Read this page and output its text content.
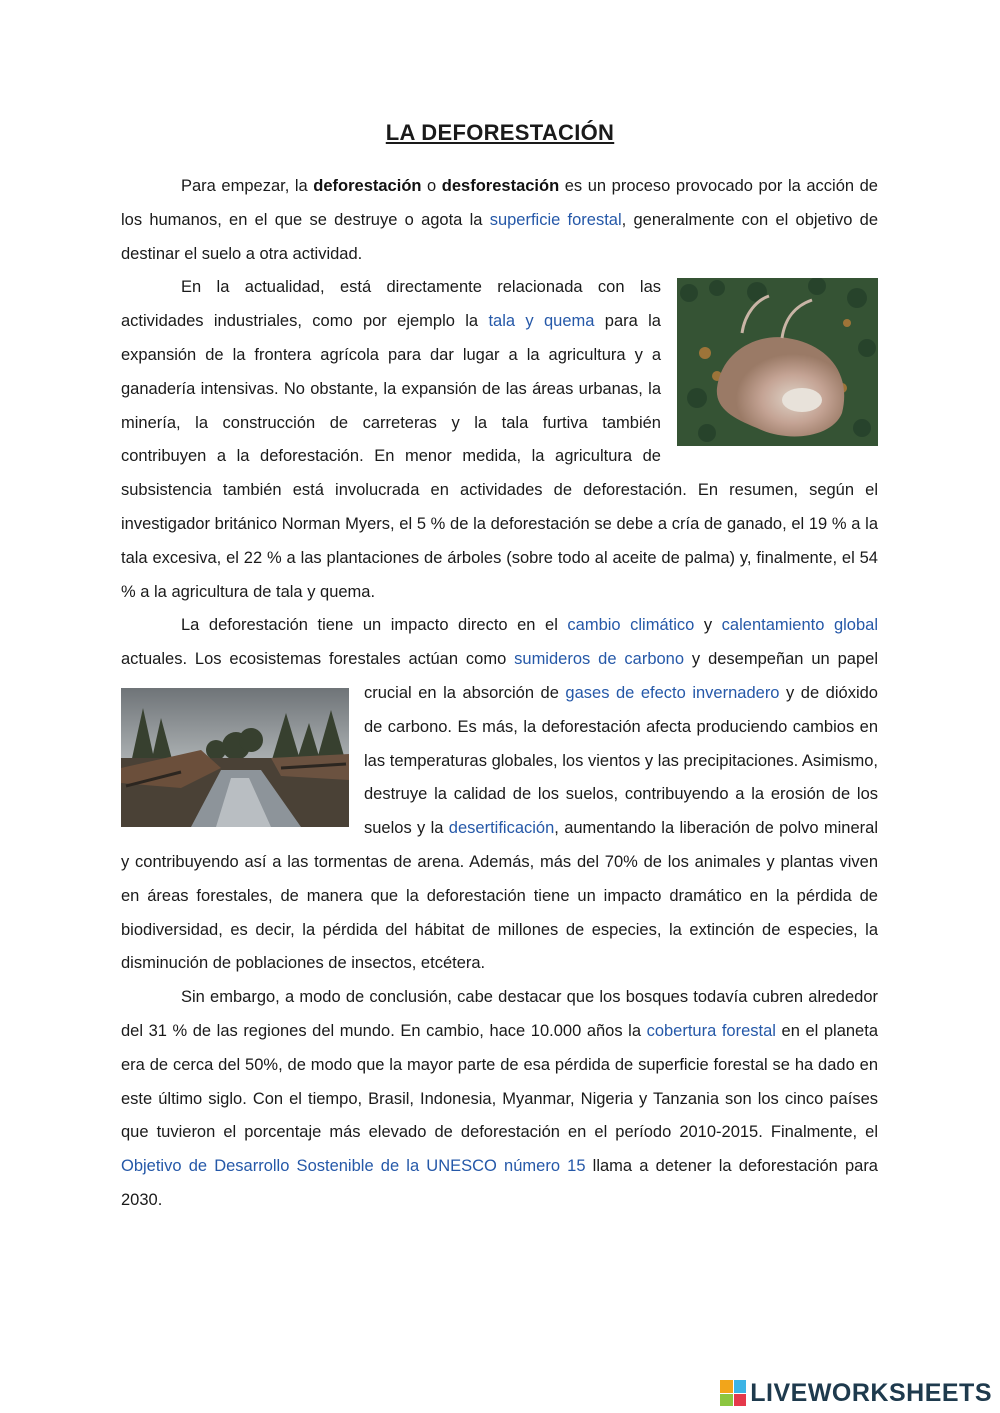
LA DEFORESTACIÓN

Para empezar, la deforestación o desforestación es un proceso provocado por la acción de los humanos, en el que se destruye o agota la superficie forestal, generalmente con el objetivo de destinar el suelo a otra actividad.

En la actualidad, está directamente relacionada con las actividades industriales, como por ejemplo la tala y quema para la expansión de la frontera agrícola para dar lugar a la agricultura y a ganadería intensivas. No obstante, la expansión de las áreas urbanas, la minería, la construcción de carreteras y la tala furtiva también contribuyen a la deforestación. En menor medida, la agricultura de subsistencia también está involucrada en actividades de deforestación. En resumen, según el investigador británico Norman Myers, el 5 % de la deforestación se debe a cría de ganado, el 19 % a la tala excesiva, el 22 % a las plantaciones de árboles (sobre todo al aceite de palma) y, finalmente, el 54 % a la agricultura de tala y quema.

La deforestación tiene un impacto directo en el cambio climático y calentamiento global actuales. Los ecosistemas forestales actúan como sumideros de carbono y desempeñan un papel crucial en la absorción de
gases de efecto invernadero y de dióxido de carbono. Es más, la deforestación afecta produciendo cambios en las temperaturas globales, los vientos y las precipitaciones. Asimismo, destruye la calidad de los suelos, contribuyendo a la erosión de los suelos y la desertificación, aumentando la liberación de polvo mineral y contribuyendo así a las tormentas de arena. Además, más del 70% de los animales y plantas viven en áreas forestales, de manera que la deforestación tiene un impacto dramático en la pérdida de biodiversidad, es decir, la pérdida del hábitat de millones de especies, la extinción de especies, la disminución de poblaciones de insectos, etcétera.

Sin embargo, a modo de conclusión, cabe destacar que los bosques todavía cubren alrededor del 31 % de las regiones del mundo. En cambio, hace 10.000 años la cobertura forestal en el planeta era de cerca del 50%, de modo que la mayor parte de esa pérdida de superficie forestal se ha dado en este último siglo. Con el tiempo, Brasil, Indonesia, Myanmar, Nigeria y Tanzania son los cinco países que tuvieron el porcentaje más elevado de deforestación en el período 2010-2015. Finalmente, el Objetivo de Desarrollo Sostenible de la UNESCO número 15 llama a detener la deforestación para 2030.

LIVEWORKSHEETS
